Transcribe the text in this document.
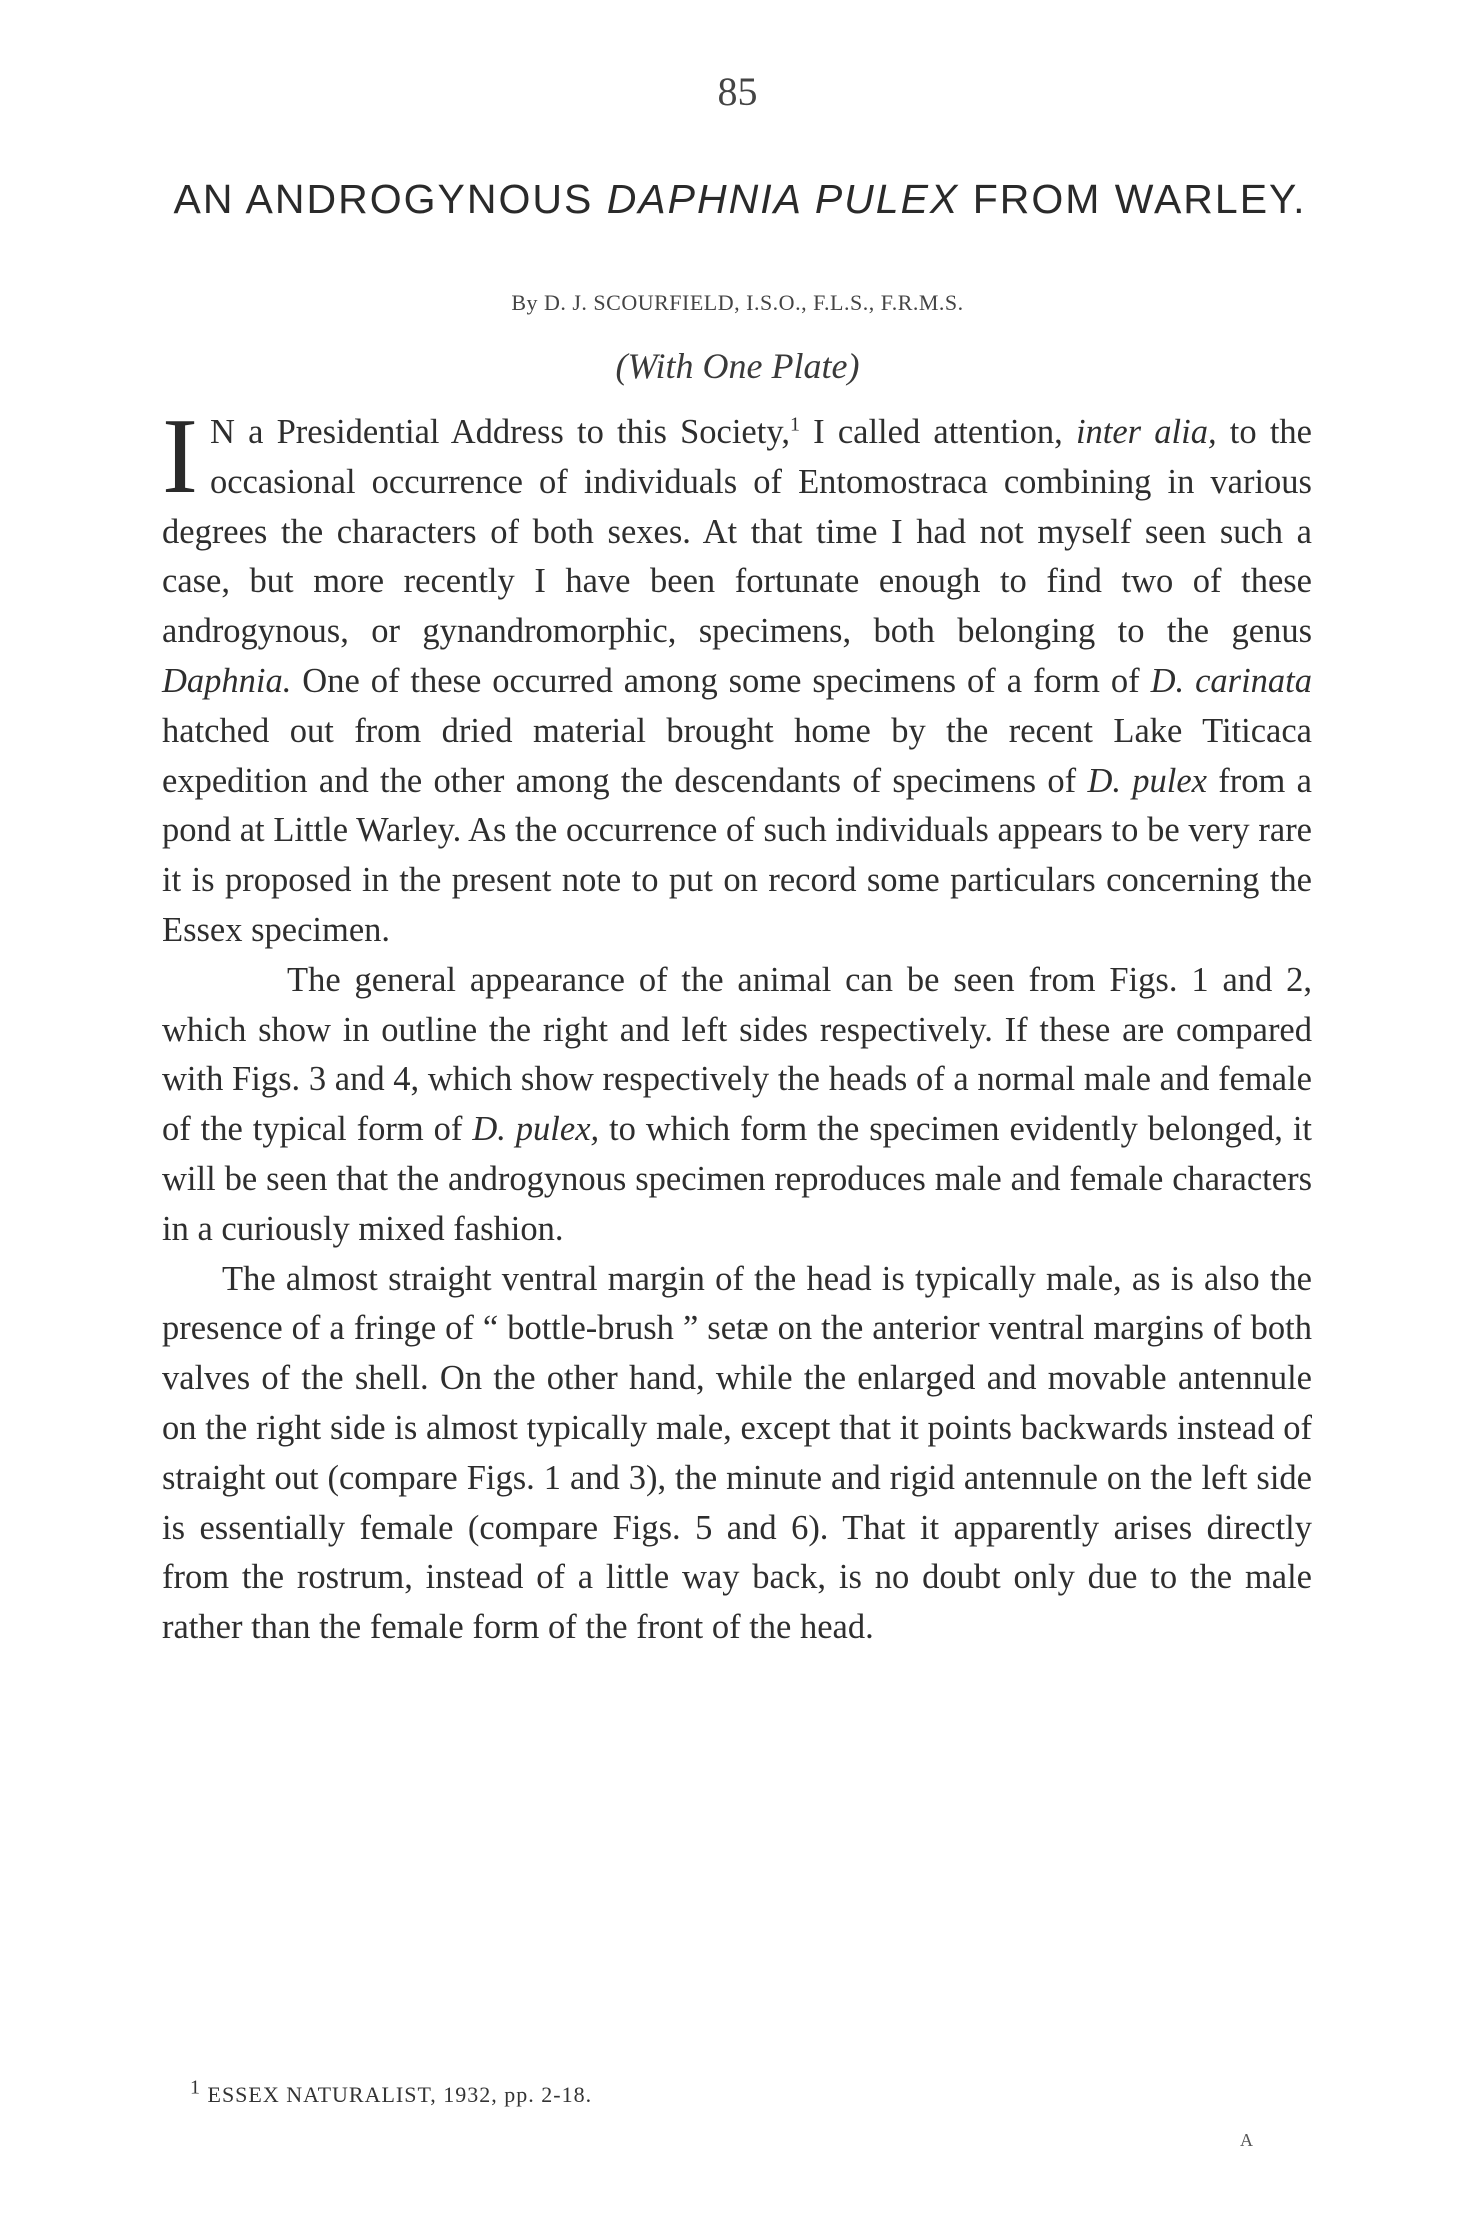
85
AN ANDROGYNOUS DAPHNIA PULEX FROM WARLEY.
By D. J. SCOURFIELD, I.S.O., F.L.S., F.R.M.S.
(With One Plate)

I N a Presidential Address to this Society,$^1$ I called attention, inter alia, to the occasional occurrence of individuals of Entomostraca combining in various degrees the characters of both sexes. At that time I had not myself seen such a case, but more recently I have been fortunate enough to find two of these androgynous, or gynandromorphic, specimens, both belonging to the genus Daphnia. One of these occurred among some specimens of a form of D. carinata hatched out from dried material brought home by the recent Lake Titicaca expedition and the other among the descendants of specimens of D. pulex from a pond at Little Warley. As the occurrence of such individuals appears to be very rare it is proposed in the present note to put on record some particulars concerning the Essex specimen.

The general appearance of the animal can be seen from Figs. 1 and 2, which show in outline the right and left sides respectively. If these are compared with Figs. 3 and 4, which show respectively the heads of a normal male and female of the typical form of D. pulex, to which form the specimen evidently belonged, it will be seen that the androgynous specimen reproduces male and female characters in a curiously mixed fashion.

The almost straight ventral margin of the head is typically male, as is also the presence of a fringe of “ bottle-brush ” setæ on the anterior ventral margins of both valves of the shell. On the other hand, while the enlarged and movable antennule on the right side is almost typically male, except that it points backwards instead of straight out (compare Figs. 1 and 3), the minute and rigid antennule on the left side is essentially female (compare Figs. 5 and 6). That it apparently arises directly from the rostrum, instead of a little way back, is no doubt only due to the male rather than the female form of the front of the head.

1 ESSEX NATURALIST, 1932, pp. 2-18.
A
